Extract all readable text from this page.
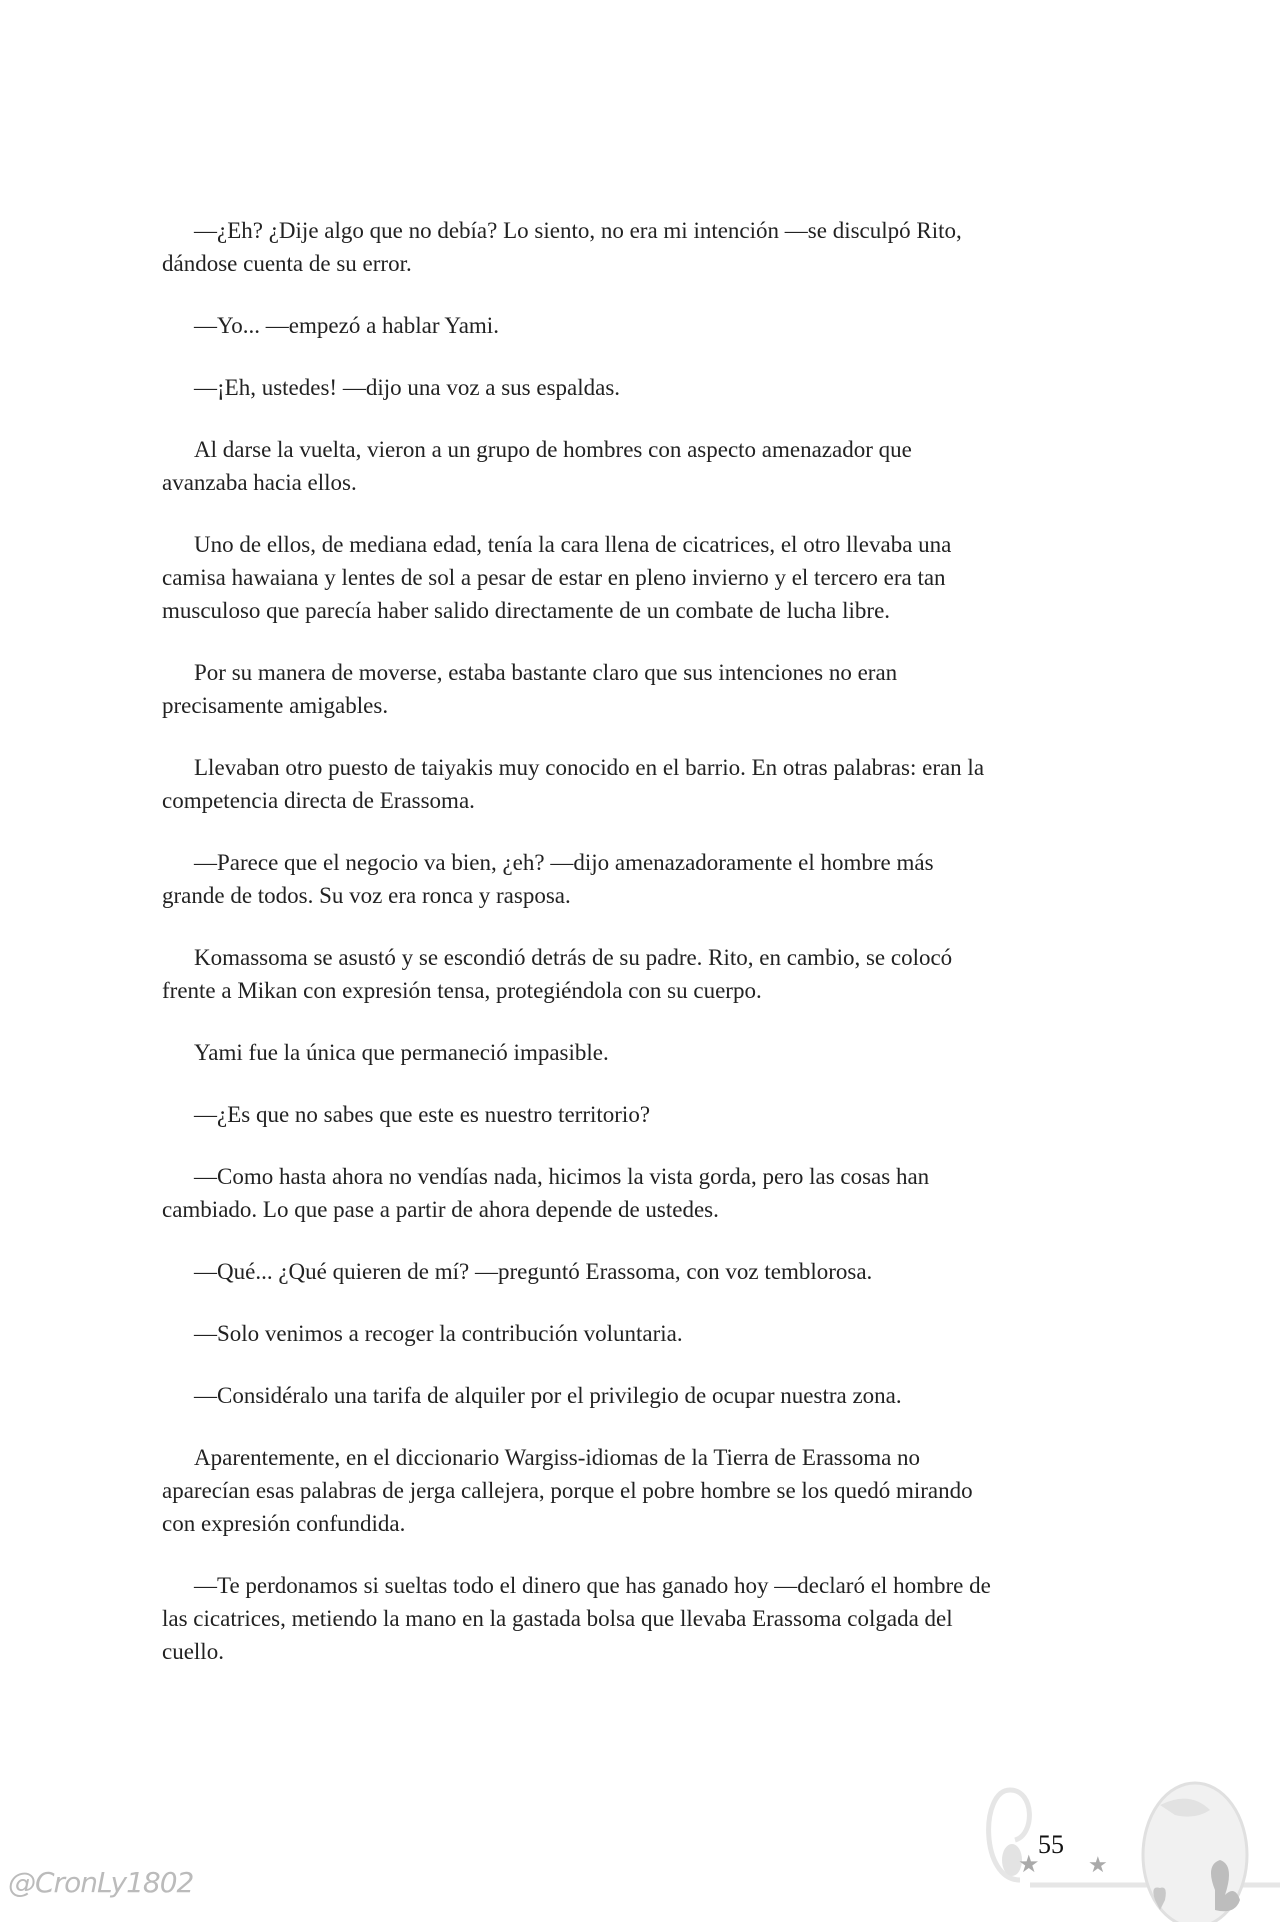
—¿Eh? ¿Dije algo que no debía? Lo siento, no era mi intención —se disculpó Rito,
dándose cuenta de su error.
—Yo... —empezó a hablar Yami.
—¡Eh, ustedes! —dijo una voz a sus espaldas.
Al darse la vuelta, vieron a un grupo de hombres con aspecto amenazador que
avanzaba hacia ellos.
Uno de ellos, de mediana edad, tenía la cara llena de cicatrices, el otro llevaba una
camisa hawaiana y lentes de sol a pesar de estar en pleno invierno y el tercero era tan
musculoso que parecía haber salido directamente de un combate de lucha libre.
Por su manera de moverse, estaba bastante claro que sus intenciones no eran
precisamente amigables.
Llevaban otro puesto de taiyakis muy conocido en el barrio. En otras palabras: eran la
competencia directa de Erassoma.
—Parece que el negocio va bien, ¿eh? —dijo amenazadoramente el hombre más
grande de todos. Su voz era ronca y rasposa.
Komassoma se asustó y se escondió detrás de su padre. Rito, en cambio, se colocó
frente a Mikan con expresión tensa, protegiéndola con su cuerpo.
Yami fue la única que permaneció impasible.
—¿Es que no sabes que este es nuestro territorio?
—Como hasta ahora no vendías nada, hicimos la vista gorda, pero las cosas han
cambiado. Lo que pase a partir de ahora depende de ustedes.
—Qué... ¿Qué quieren de mí? —preguntó Erassoma, con voz temblorosa.
—Solo venimos a recoger la contribución voluntaria.
—Considéralo una tarifa de alquiler por el privilegio de ocupar nuestra zona.
Aparentemente, en el diccionario Wargiss-idiomas de la Tierra de Erassoma no
aparecían esas palabras de jerga callejera, porque el pobre hombre se los quedó mirando
con expresión confundida.
—Te perdonamos si sueltas todo el dinero que has ganado hoy —declaró el hombre de
las cicatrices, metiendo la mano en la gastada bolsa que llevaba Erassoma colgada del
cuello.
★ ★
55
@CronLy1802
